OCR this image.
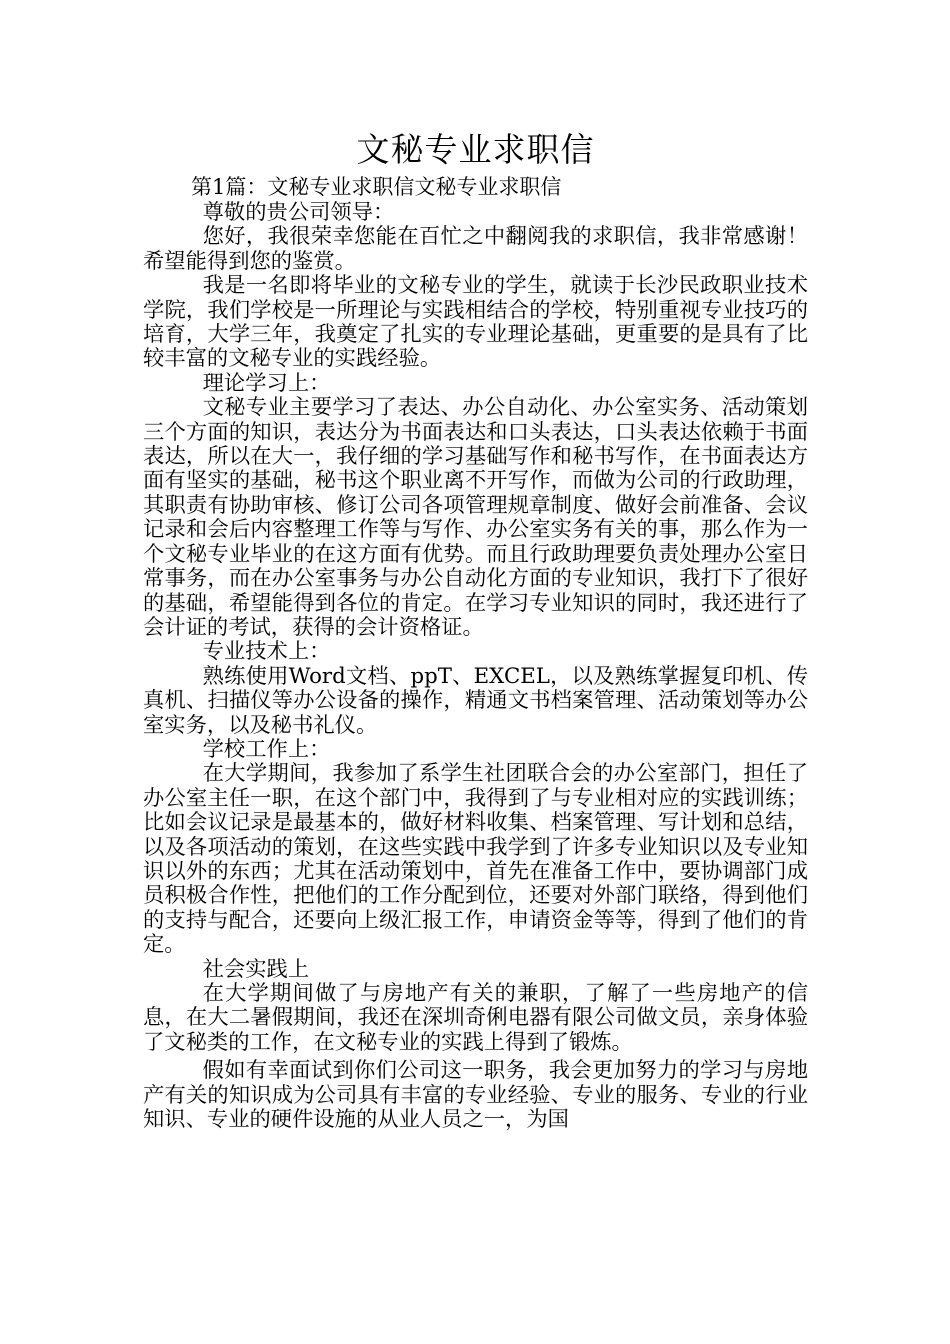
文秘专业求职信

第1篇：文秘专业求职信文秘专业求职信

尊敬的贵公司领导：

您好，我很荣幸您能在百忙之中翻阅我的求职信，我非常感谢！希望能得到您的鉴赏。

我是一名即将毕业的文秘专业的学生，就读于长沙民政职业技术学院，我们学校是一所理论与实践相结合的学校，特别重视专业技巧的培育，大学三年，我奠定了扎实的专业理论基础，更重要的是具有了比较丰富的文秘专业的实践经验。

理论学习上：

文秘专业主要学习了表达、办公自动化、办公室实务、活动策划三个方面的知识，表达分为书面表达和口头表达，口头表达依赖于书面表达，所以在大一，我仔细的学习基础写作和秘书写作，在书面表达方面有坚实的基础，秘书这个职业离不开写作，而做为公司的行政助理，其职责有协助审核、修订公司各项管理规章制度、做好会前准备、会议记录和会后内容整理工作等与写作、办公室实务有关的事，那么作为一个文秘专业毕业的在这方面有优势。而且行政助理要负责处理办公室日常事务，而在办公室事务与办公自动化方面的专业知识，我打下了很好的基础，希望能得到各位的肯定。在学习专业知识的同时，我还进行了会计证的考试，获得的会计资格证。

专业技术上：

熟练使用Word文档、ppT、EXCEL，以及熟练掌握复印机、传真机、扫描仪等办公设备的操作，精通文书档案管理、活动策划等办公室实务，以及秘书礼仪。

学校工作上：

在大学期间，我参加了系学生社团联合会的办公室部门，担任了办公室主任一职，在这个部门中，我得到了与专业相对应的实践训练；比如会议记录是最基本的，做好材料收集、档案管理、写计划和总结，以及各项活动的策划，在这些实践中我学到了许多专业知识以及专业知识以外的东西；尤其在活动策划中，首先在准备工作中，要协调部门成员积极合作性，把他们的工作分配到位，还要对外部门联络，得到他们的支持与配合，还要向上级汇报工作，申请资金等等，得到了他们的肯定。

社会实践上

在大学期间做了与房地产有关的兼职，了解了一些房地产的信息，在大二暑假期间，我还在深圳奇俐电器有限公司做文员，亲身体验了文秘类的工作，在文秘专业的实践上得到了锻炼。

假如有幸面试到你们公司这一职务，我会更加努力的学习与房地产有关的知识成为公司具有丰富的专业经验、专业的服务、专业的行业知识、专业的硬件设施的从业人员之一，为国
